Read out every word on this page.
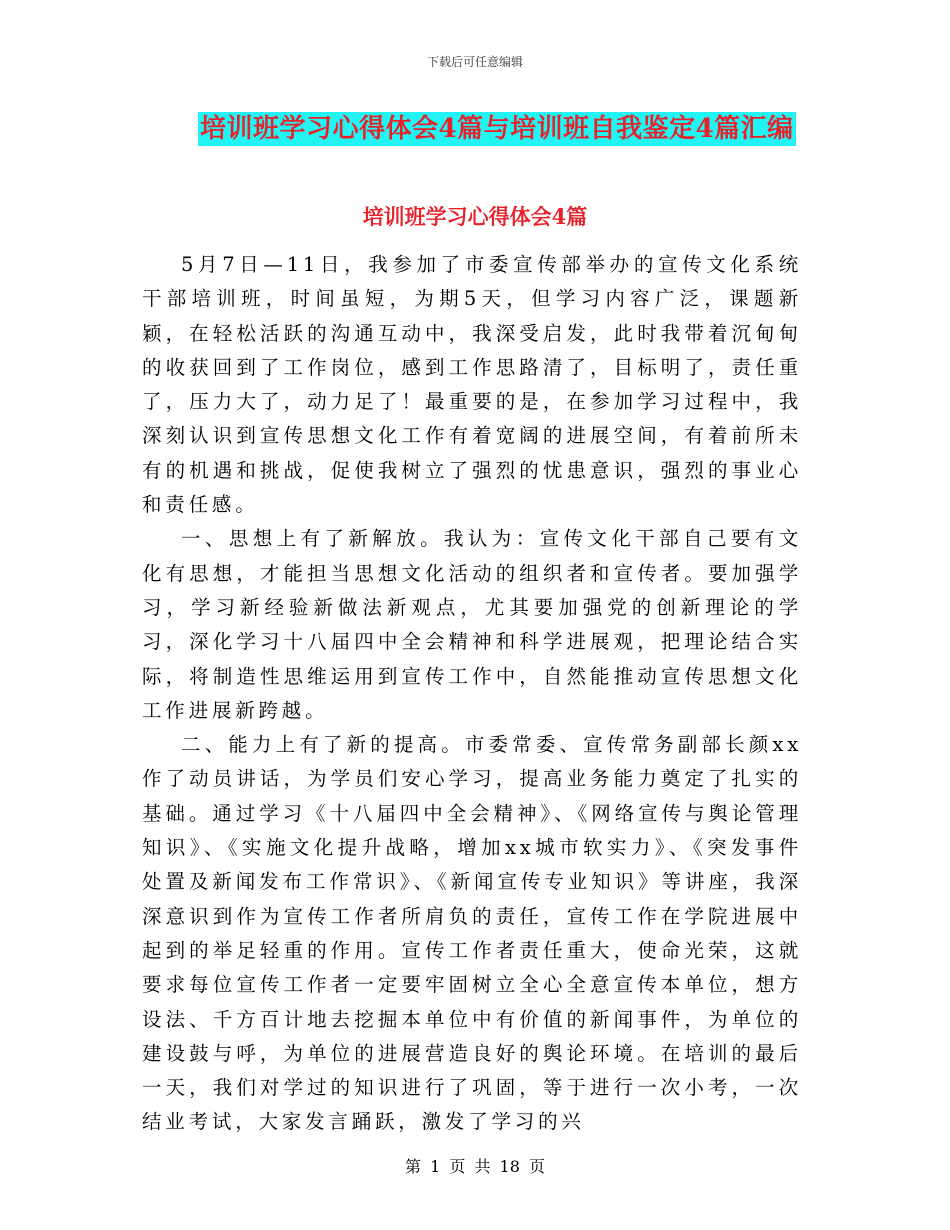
下载后可任意编辑
培训班学习心得体会4篇与培训班自我鉴定4篇汇编
培训班学习心得体会4篇

5月7日—11日，我参加了市委宣传部举办的宣传文化系统干部培训班，时间虽短，为期5天，但学习内容广泛，课题新颖，在轻松活跃的沟通互动中，我深受启发，此时我带着沉甸甸的收获回到了工作岗位，感到工作思路清了，目标明了，责任重了，压力大了，动力足了！最重要的是，在参加学习过程中，我深刻认识到宣传思想文化工作有着宽阔的进展空间，有着前所未有的机遇和挑战，促使我树立了强烈的忧患意识，强烈的事业心和责任感。

一、思想上有了新解放。我认为：宣传文化干部自己要有文化有思想，才能担当思想文化活动的组织者和宣传者。要加强学习，学习新经验新做法新观点，尤其要加强党的创新理论的学习，深化学习十八届四中全会精神和科学进展观，把理论结合实际，将制造性思维运用到宣传工作中，自然能推动宣传思想文化工作进展新跨越。

二、能力上有了新的提高。市委常委、宣传常务副部长颜xx作了动员讲话，为学员们安心学习，提高业务能力奠定了扎实的基础。通过学习《十八届四中全会精神》、《网络宣传与舆论管理知识》、《实施文化提升战略，增加xx城市软实力》、《突发事件处置及新闻发布工作常识》、《新闻宣传专业知识》等讲座，我深深意识到作为宣传工作者所肩负的责任，宣传工作在学院进展中起到的举足轻重的作用。宣传工作者责任重大，使命光荣，这就要求每位宣传工作者一定要牢固树立全心全意宣传本单位，想方设法、千方百计地去挖掘本单位中有价值的新闻事件，为单位的建设鼓与呼，为单位的进展营造良好的舆论环境。在培训的最后一天，我们对学过的知识进行了巩固，等于进行一次小考，一次结业考试，大家发言踊跃，激发了学习的兴

第 1 页 共 18 页
